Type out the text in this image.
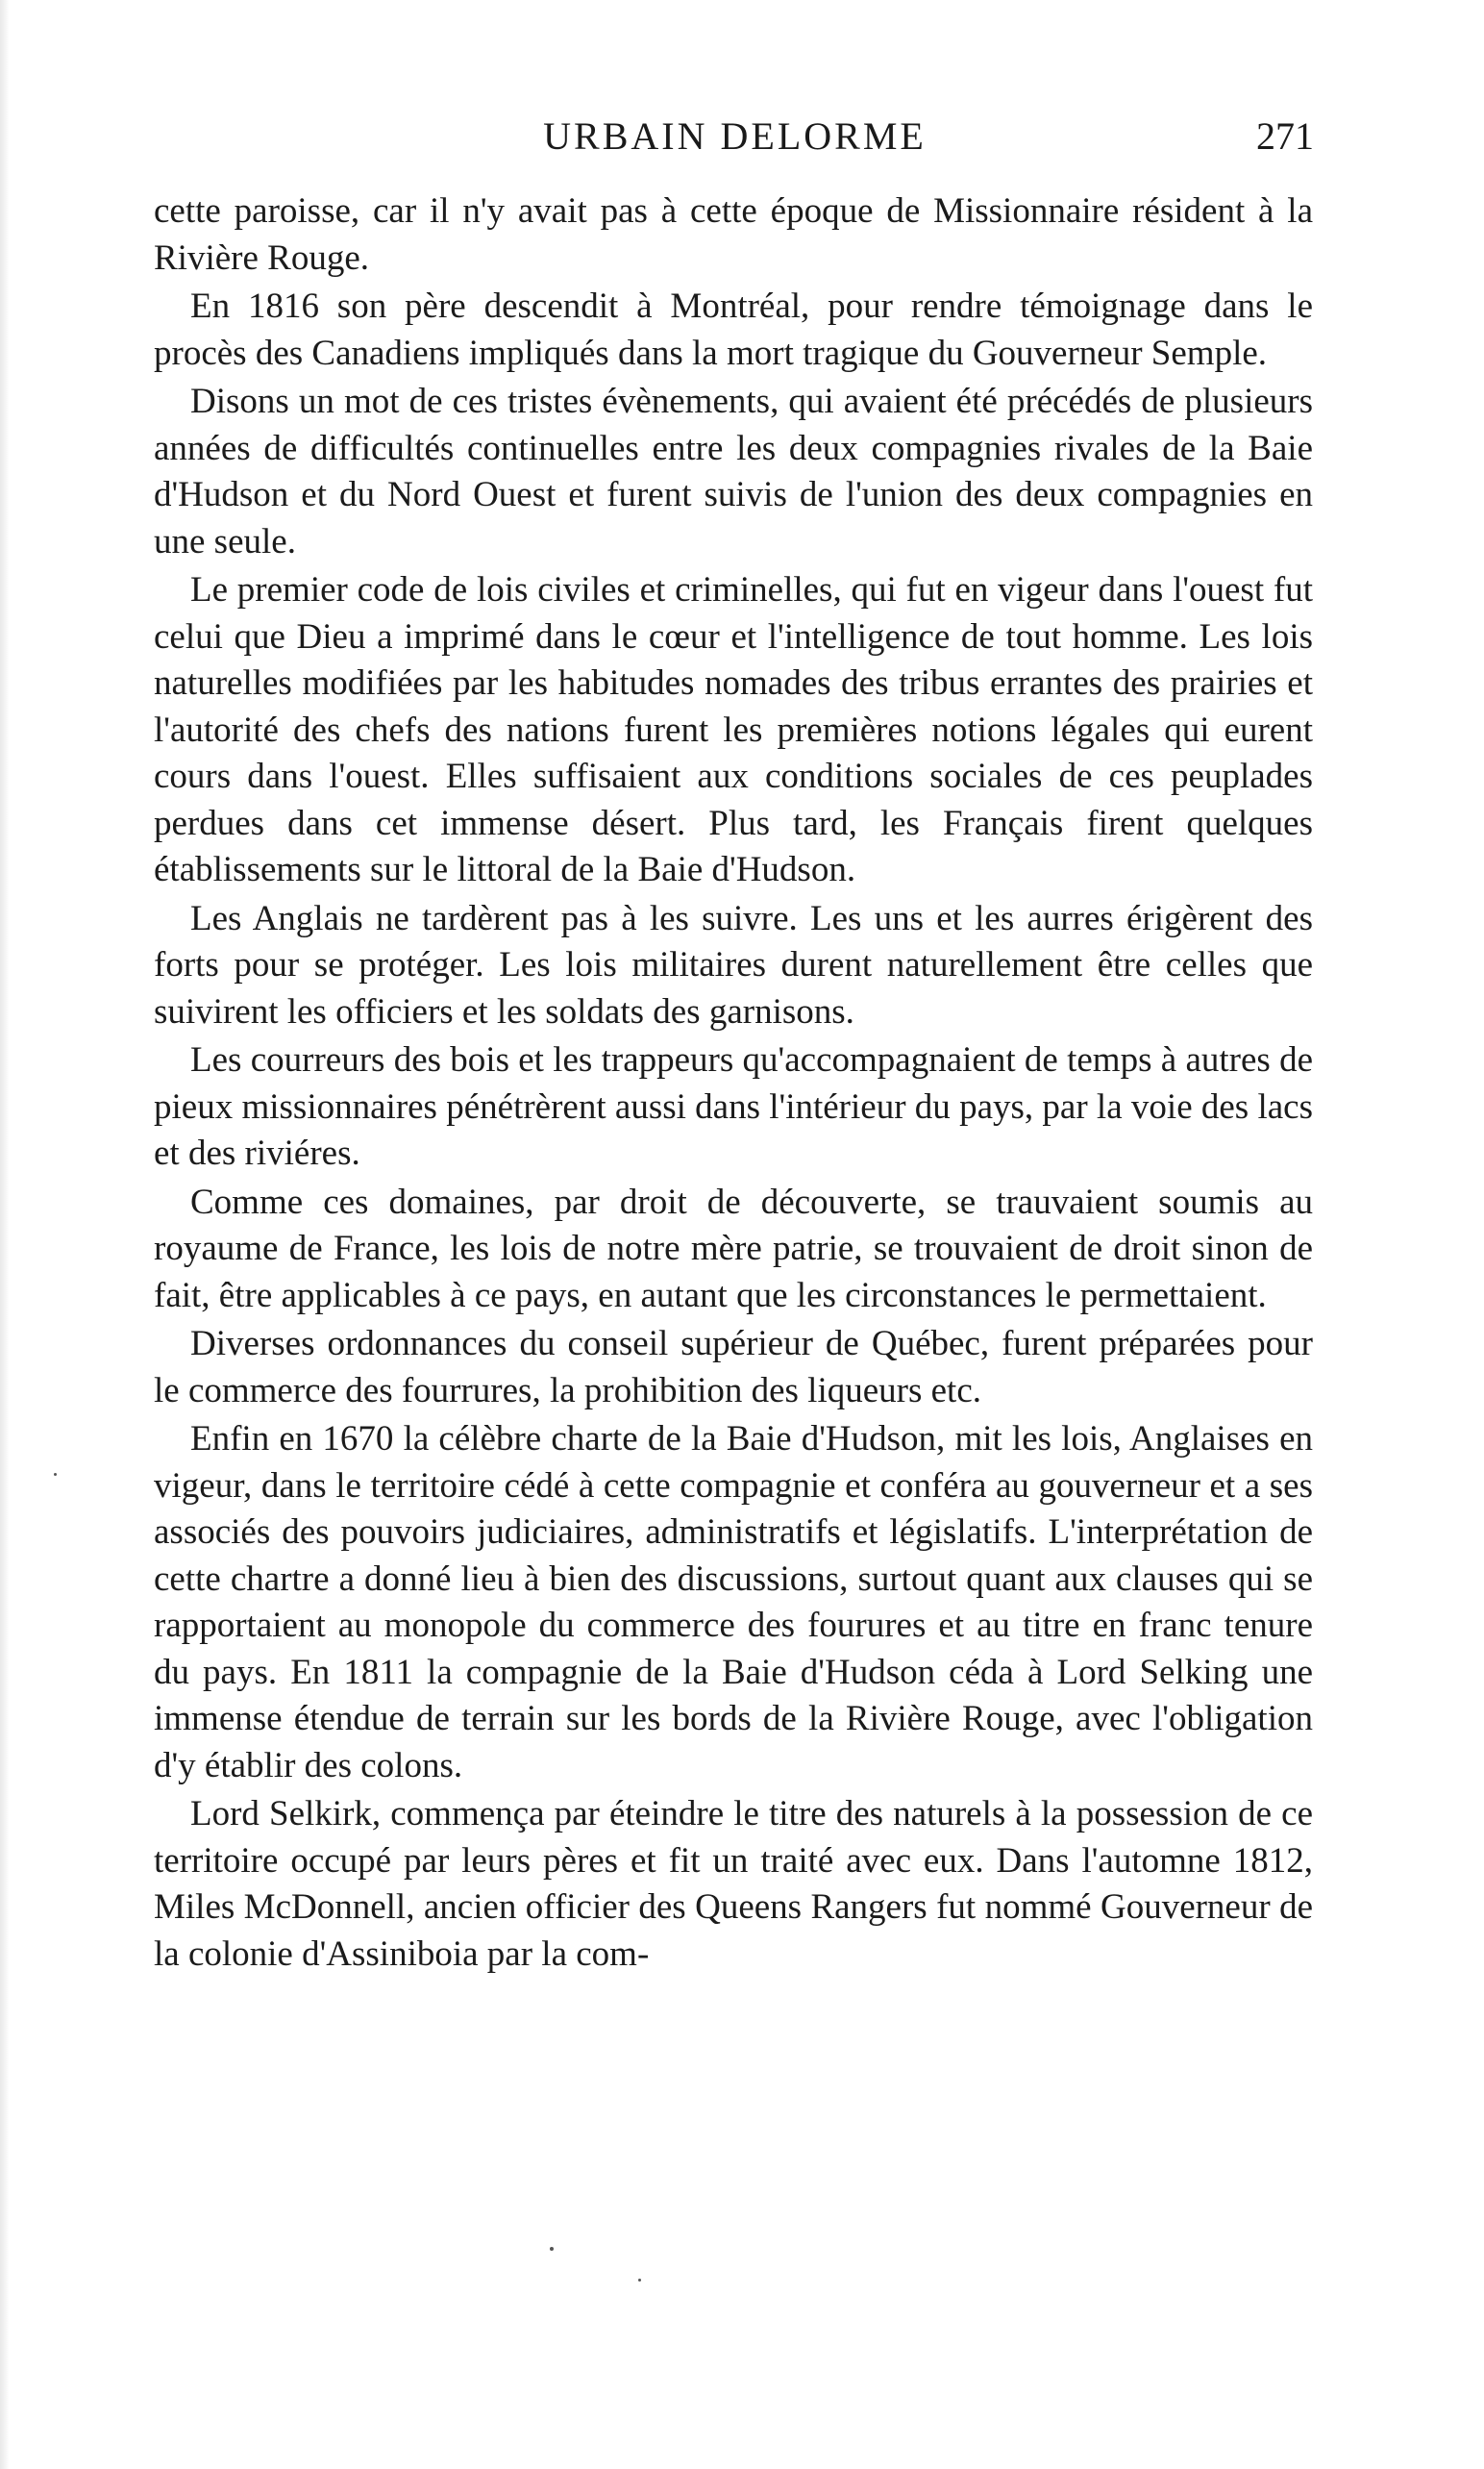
URBAIN DELORME	271

cette paroisse, car il n'y avait pas à cette époque de Missionnaire résident à la Rivière Rouge.

En 1816 son père descendit à Montréal, pour rendre témoignage dans le procès des Canadiens impliqués dans la mort tragique du Gouverneur Semple.

Disons un mot de ces tristes évènements, qui avaient été précédés de plusieurs années de difficultés continuelles entre les deux compagnies rivales de la Baie d'Hudson et du Nord Ouest et furent suivis de l'union des deux compagnies en une seule.

Le premier code de lois civiles et criminelles, qui fut en vigeur dans l'ouest fut celui que Dieu a imprimé dans le cœur et l'intelligence de tout homme. Les lois naturelles modifiées par les habitudes nomades des tribus errantes des prairies et l'autorité des chefs des nations furent les premières notions légales qui eurent cours dans l'ouest. Elles suffisaient aux conditions sociales de ces peuplades perdues dans cet immense désert. Plus tard, les Français firent quelques établissements sur le littoral de la Baie d'Hudson.

Les Anglais ne tardèrent pas à les suivre. Les uns et les aurres érigèrent des forts pour se protéger. Les lois militaires durent naturellement être celles que suivirent les officiers et les soldats des garnisons.

Les courreurs des bois et les trappeurs qu'accompagnaient de temps à autres de pieux missionnaires pénétrèrent aussi dans l'intérieur du pays, par la voie des lacs et des riviéres.

Comme ces domaines, par droit de découverte, se trauvaient soumis au royaume de France, les lois de notre mère patrie, se trouvaient de droit sinon de fait, être applicables à ce pays, en autant que les circonstances le permettaient.

Diverses ordonnances du conseil supérieur de Québec, furent préparées pour le commerce des fourrures, la prohibition des liqueurs etc.

Enfin en 1670 la célèbre charte de la Baie d'Hudson, mit les lois, Anglaises en vigeur, dans le territoire cédé à cette compagnie et conféra au gouverneur et a ses associés des pouvoirs judiciaires, administratifs et législatifs. L'interprétation de cette chartre a donné lieu à bien des discussions, surtout quant aux clauses qui se rapportaient au monopole du commerce des fourures et au titre en franc tenure du pays. En 1811 la compagnie de la Baie d'Hudson céda à Lord Selking une immense étendue de terrain sur les bords de la Rivière Rouge, avec l'obligation d'y établir des colons.

Lord Selkirk, commença par éteindre le titre des naturels à la possession de ce territoire occupé par leurs pères et fit un traité avec eux. Dans l'automne 1812, Miles McDonnell, ancien officier des Queens Rangers fut nommé Gouverneur de la colonie d'Assiniboia par la com-
